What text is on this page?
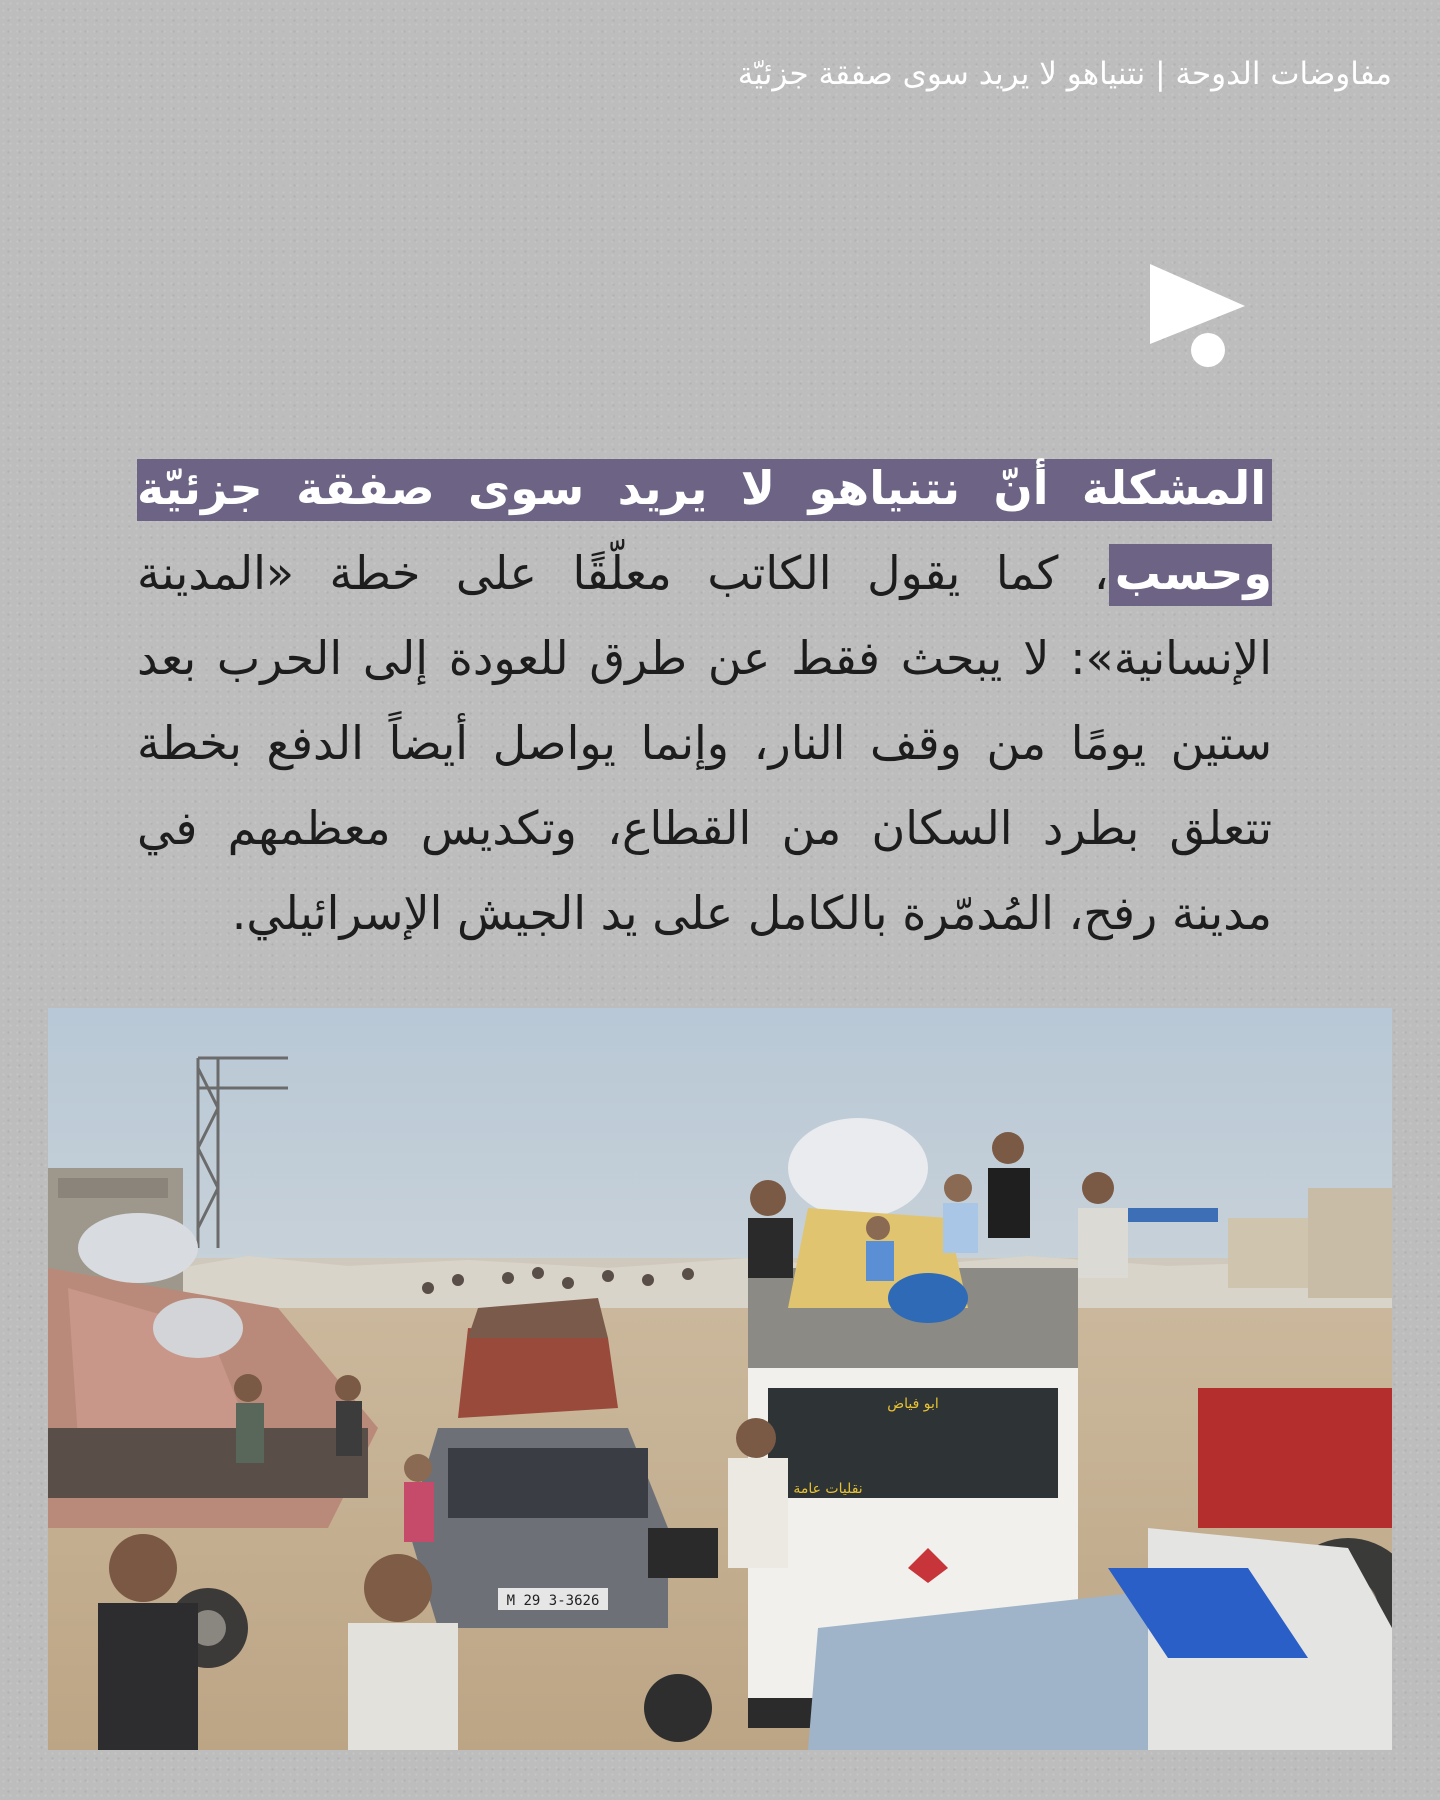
مفاوضات الدوحة | نتنياهو لا يريد سوى صفقة جزئيّة
المشكلة أنّ نتنياهو لا يريد سوى صفقة جزئيّة وحسب، كما يقول الكاتب معلّقًا على خطة «المدينة الإنسانية»: لا يبحث فقط عن طرق للعودة إلى الحرب بعد ستين يومًا من وقف النار، وإنما يواصل أيضاً الدفع بخطة تتعلق بطرد السكان من القطاع، وتكديس معظمهم في مدينة رفح، المُدمّرة بالكامل على يد الجيش الإسرائيلي.
3-3626 29 M
ابو فياض
نقليات عامة
